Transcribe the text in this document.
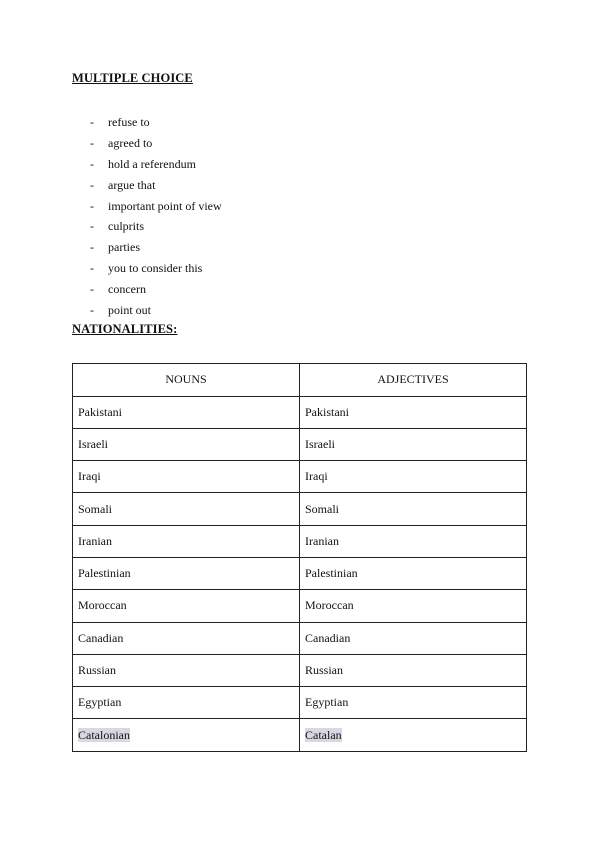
MULTIPLE CHOICE
-	refuse to
-	agreed to
-	hold a referendum
-	argue that
-	important point of view
-	culprits
-	parties
-	you to consider this
-	concern
-	point out
NATIONALITIES:
NOUNS	ADJECTIVES
Pakistani	Pakistani
Israeli	Israeli
Iraqi	Iraqi
Somali	Somali
Iranian	Iranian
Palestinian	Palestinian
Moroccan	Moroccan
Canadian	Canadian
Russian	Russian
Egyptian	Egyptian
Catalonian	Catalan
